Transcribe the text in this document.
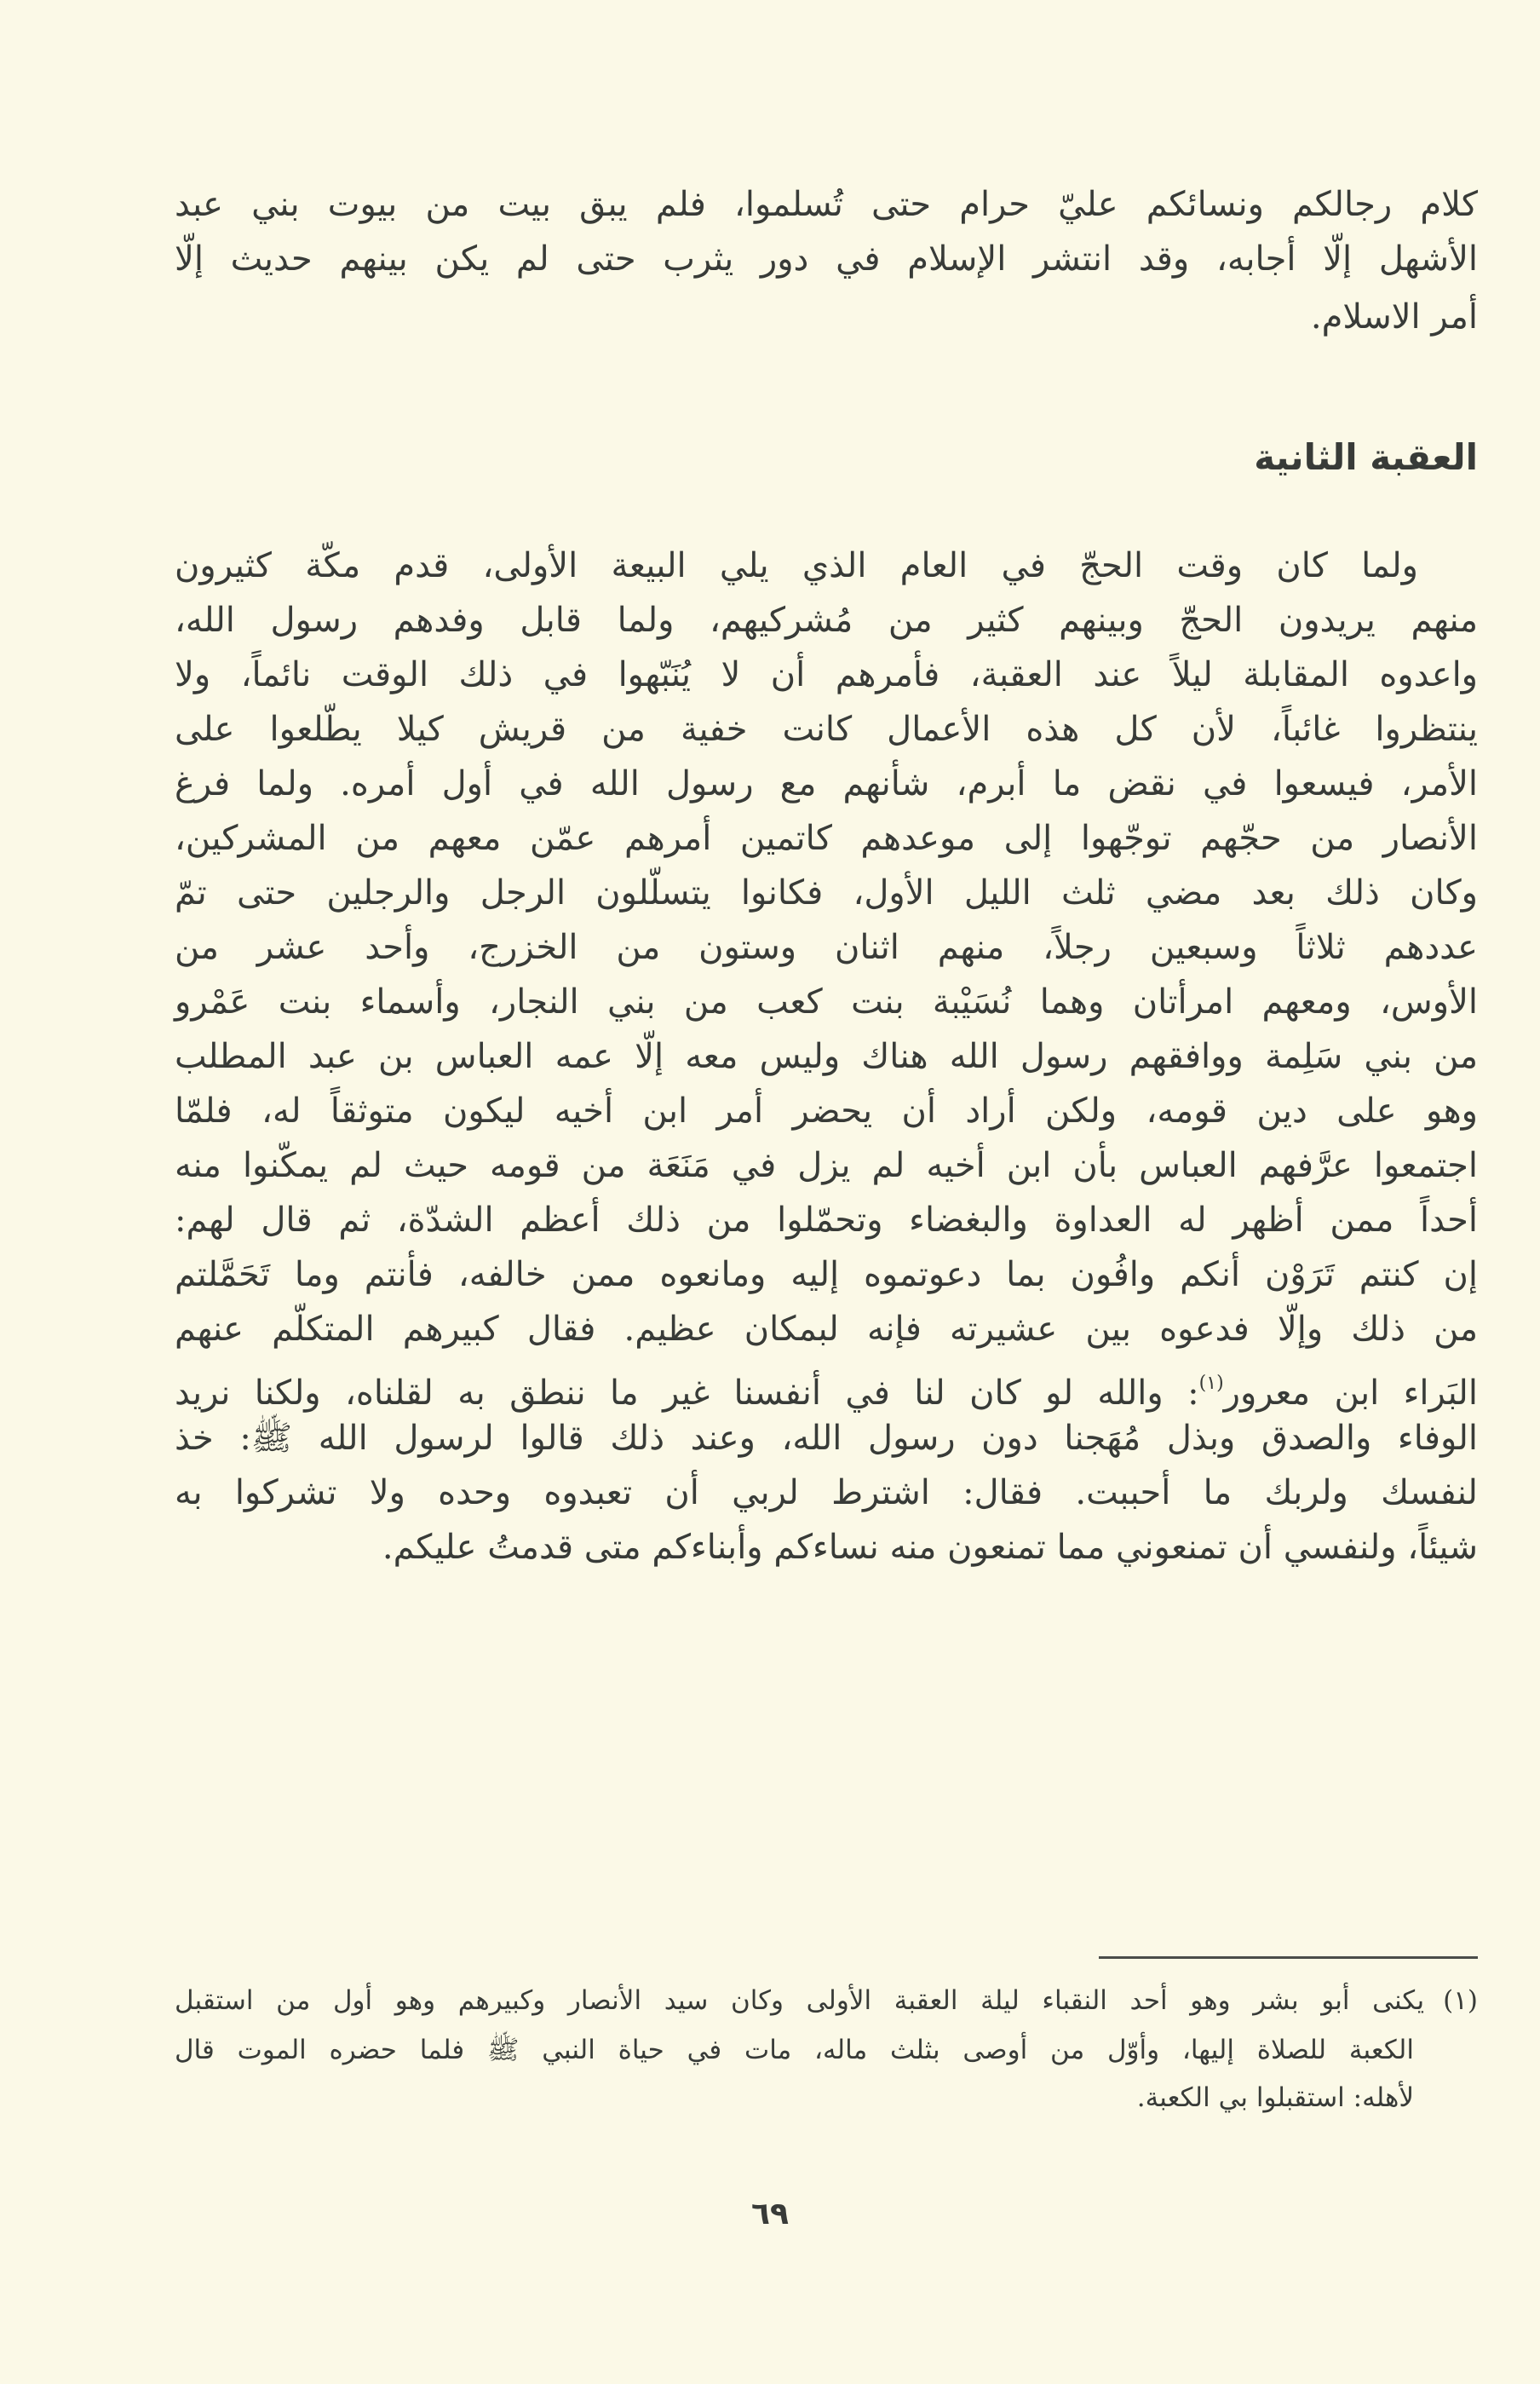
كلام رجالكم ونسائكم عليّ حرام حتى تُسلموا، فلم يبق بيت من بيوت بني عبد
الأشهل إلّا أجابه، وقد انتشر الإسلام في دور يثرب حتى لم يكن بينهم حديث إلّا
أمر الاسلام.
العقبة الثانية
ولما كان وقت الحجّ في العام الذي يلي البيعة الأولى، قدم مكّة كثيرون
منهم يريدون الحجّ وبينهم كثير من مُشركيهم، ولما قابل وفدهم رسول الله،
واعدوه المقابلة ليلاً عند العقبة، فأمرهم أن لا يُنَبّهوا في ذلك الوقت نائماً، ولا
ينتظروا غائباً، لأن كل هذه الأعمال كانت خفية من قريش كيلا يطّلعوا على
الأمر، فيسعوا في نقض ما أبرم، شأنهم مع رسول الله في أول أمره. ولما فرغ
الأنصار من حجّهم توجّهوا إلى موعدهم كاتمين أمرهم عمّن معهم من المشركين،
وكان ذلك بعد مضي ثلث الليل الأول، فكانوا يتسلّلون الرجل والرجلين حتى تمّ
عددهم ثلاثاً وسبعين رجلاً، منهم اثنان وستون من الخزرج، وأحد عشر من
الأوس، ومعهم امرأتان وهما نُسَيْبة بنت كعب من بني النجار، وأسماء بنت عَمْرو
من بني سَلِمة ووافقهم رسول الله هناك وليس معه إلّا عمه العباس بن عبد المطلب
وهو على دين قومه، ولكن أراد أن يحضر أمر ابن أخيه ليكون متوثقاً له، فلمّا
اجتمعوا عرَّفهم العباس بأن ابن أخيه لم يزل في مَنَعَة من قومه حيث لم يمكّنوا منه
أحداً ممن أظهر له العداوة والبغضاء وتحمّلوا من ذلك أعظم الشدّة، ثم قال لهم:
إن كنتم تَرَوْن أنكم وافُون بما دعوتموه إليه ومانعوه ممن خالفه، فأنتم وما تَحَمَّلتم
من ذلك وإلّا فدعوه بين عشيرته فإنه لبمكان عظيم. فقال كبيرهم المتكلّم عنهم
البَراء ابن معرور$^{(١)}$: والله لو كان لنا في أنفسنا غير ما ننطق به لقلناه، ولكنا نريد
الوفاء والصدق وبذل مُهَجنا دون رسول الله، وعند ذلك قالوا لرسول الله ﷺ: خذ
لنفسك ولربك ما أحببت. فقال: اشترط لربي أن تعبدوه وحده ولا تشركوا به
شيئاً، ولنفسي أن تمنعوني مما تمنعون منه نساءكم وأبناءكم متى قدمتُ عليكم.
(١)يكنى أبو بشر وهو أحد النقباء ليلة العقبة الأولى وكان سيد الأنصار وكبيرهم وهو أول من استقبل
الكعبة للصلاة إليها، وأوّل من أوصى بثلث ماله، مات في حياة النبي ﷺ فلما حضره الموت قال
لأهله: استقبلوا بي الكعبة.
٦٩
